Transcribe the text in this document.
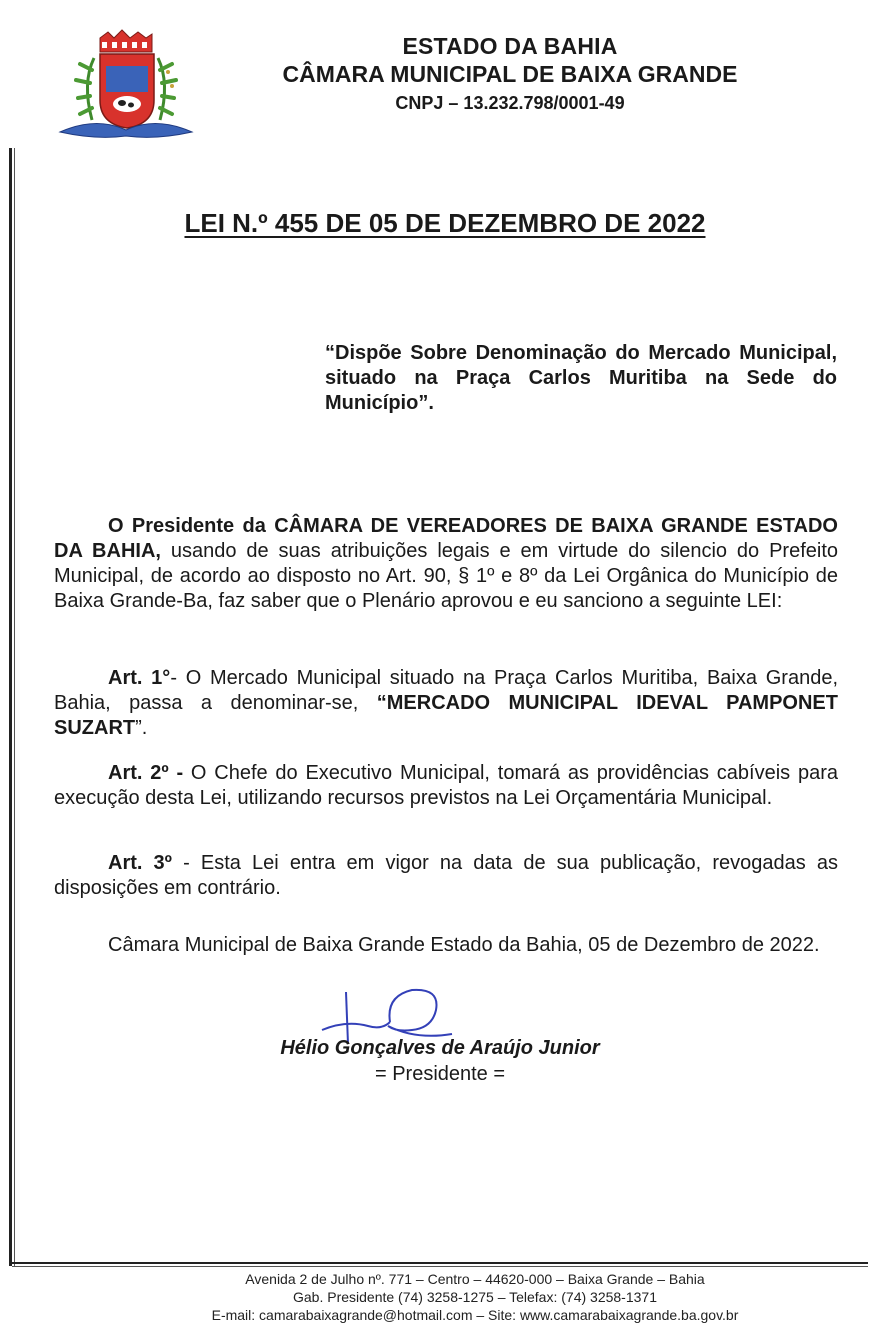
ESTADO DA BAHIA
CÂMARA MUNICIPAL DE BAIXA GRANDE
CNPJ – 13.232.798/0001-49
LEI N.º 455 DE 05 DE DEZEMBRO DE 2022
“Dispõe Sobre Denominação do Mercado Municipal, situado na Praça Carlos Muritiba na Sede do Município”.

O Presidente da CÂMARA DE VEREADORES DE BAIXA GRANDE ESTADO DA BAHIA, usando de suas atribuições legais e em virtude do silencio do Prefeito Municipal, de acordo ao disposto no Art. 90, § 1º e 8º da Lei Orgânica do Município de Baixa Grande-Ba, faz saber que o Plenário aprovou e eu sanciono a seguinte LEI:

Art. 1°- O Mercado Municipal situado na Praça Carlos Muritiba, Baixa Grande, Bahia, passa a denominar-se, “MERCADO MUNICIPAL IDEVAL PAMPONET SUZART”.

Art. 2º - O Chefe do Executivo Municipal, tomará as providências cabíveis para execução desta Lei, utilizando recursos previstos na Lei Orçamentária Municipal.

Art. 3º - Esta Lei entra em vigor na data de sua publicação, revogadas as disposições em contrário.

Câmara Municipal de Baixa Grande Estado da Bahia, 05 de Dezembro de 2022.

Hélio Gonçalves de Araújo Junior
= Presidente =
Avenida 2 de Julho nº. 771 – Centro – 44620-000 – Baixa Grande – Bahia
Gab. Presidente (74) 3258-1275 – Telefax: (74) 3258-1371
E-mail: camarabaixagrande@hotmail.com – Site: www.camarabaixagrande.ba.gov.br
